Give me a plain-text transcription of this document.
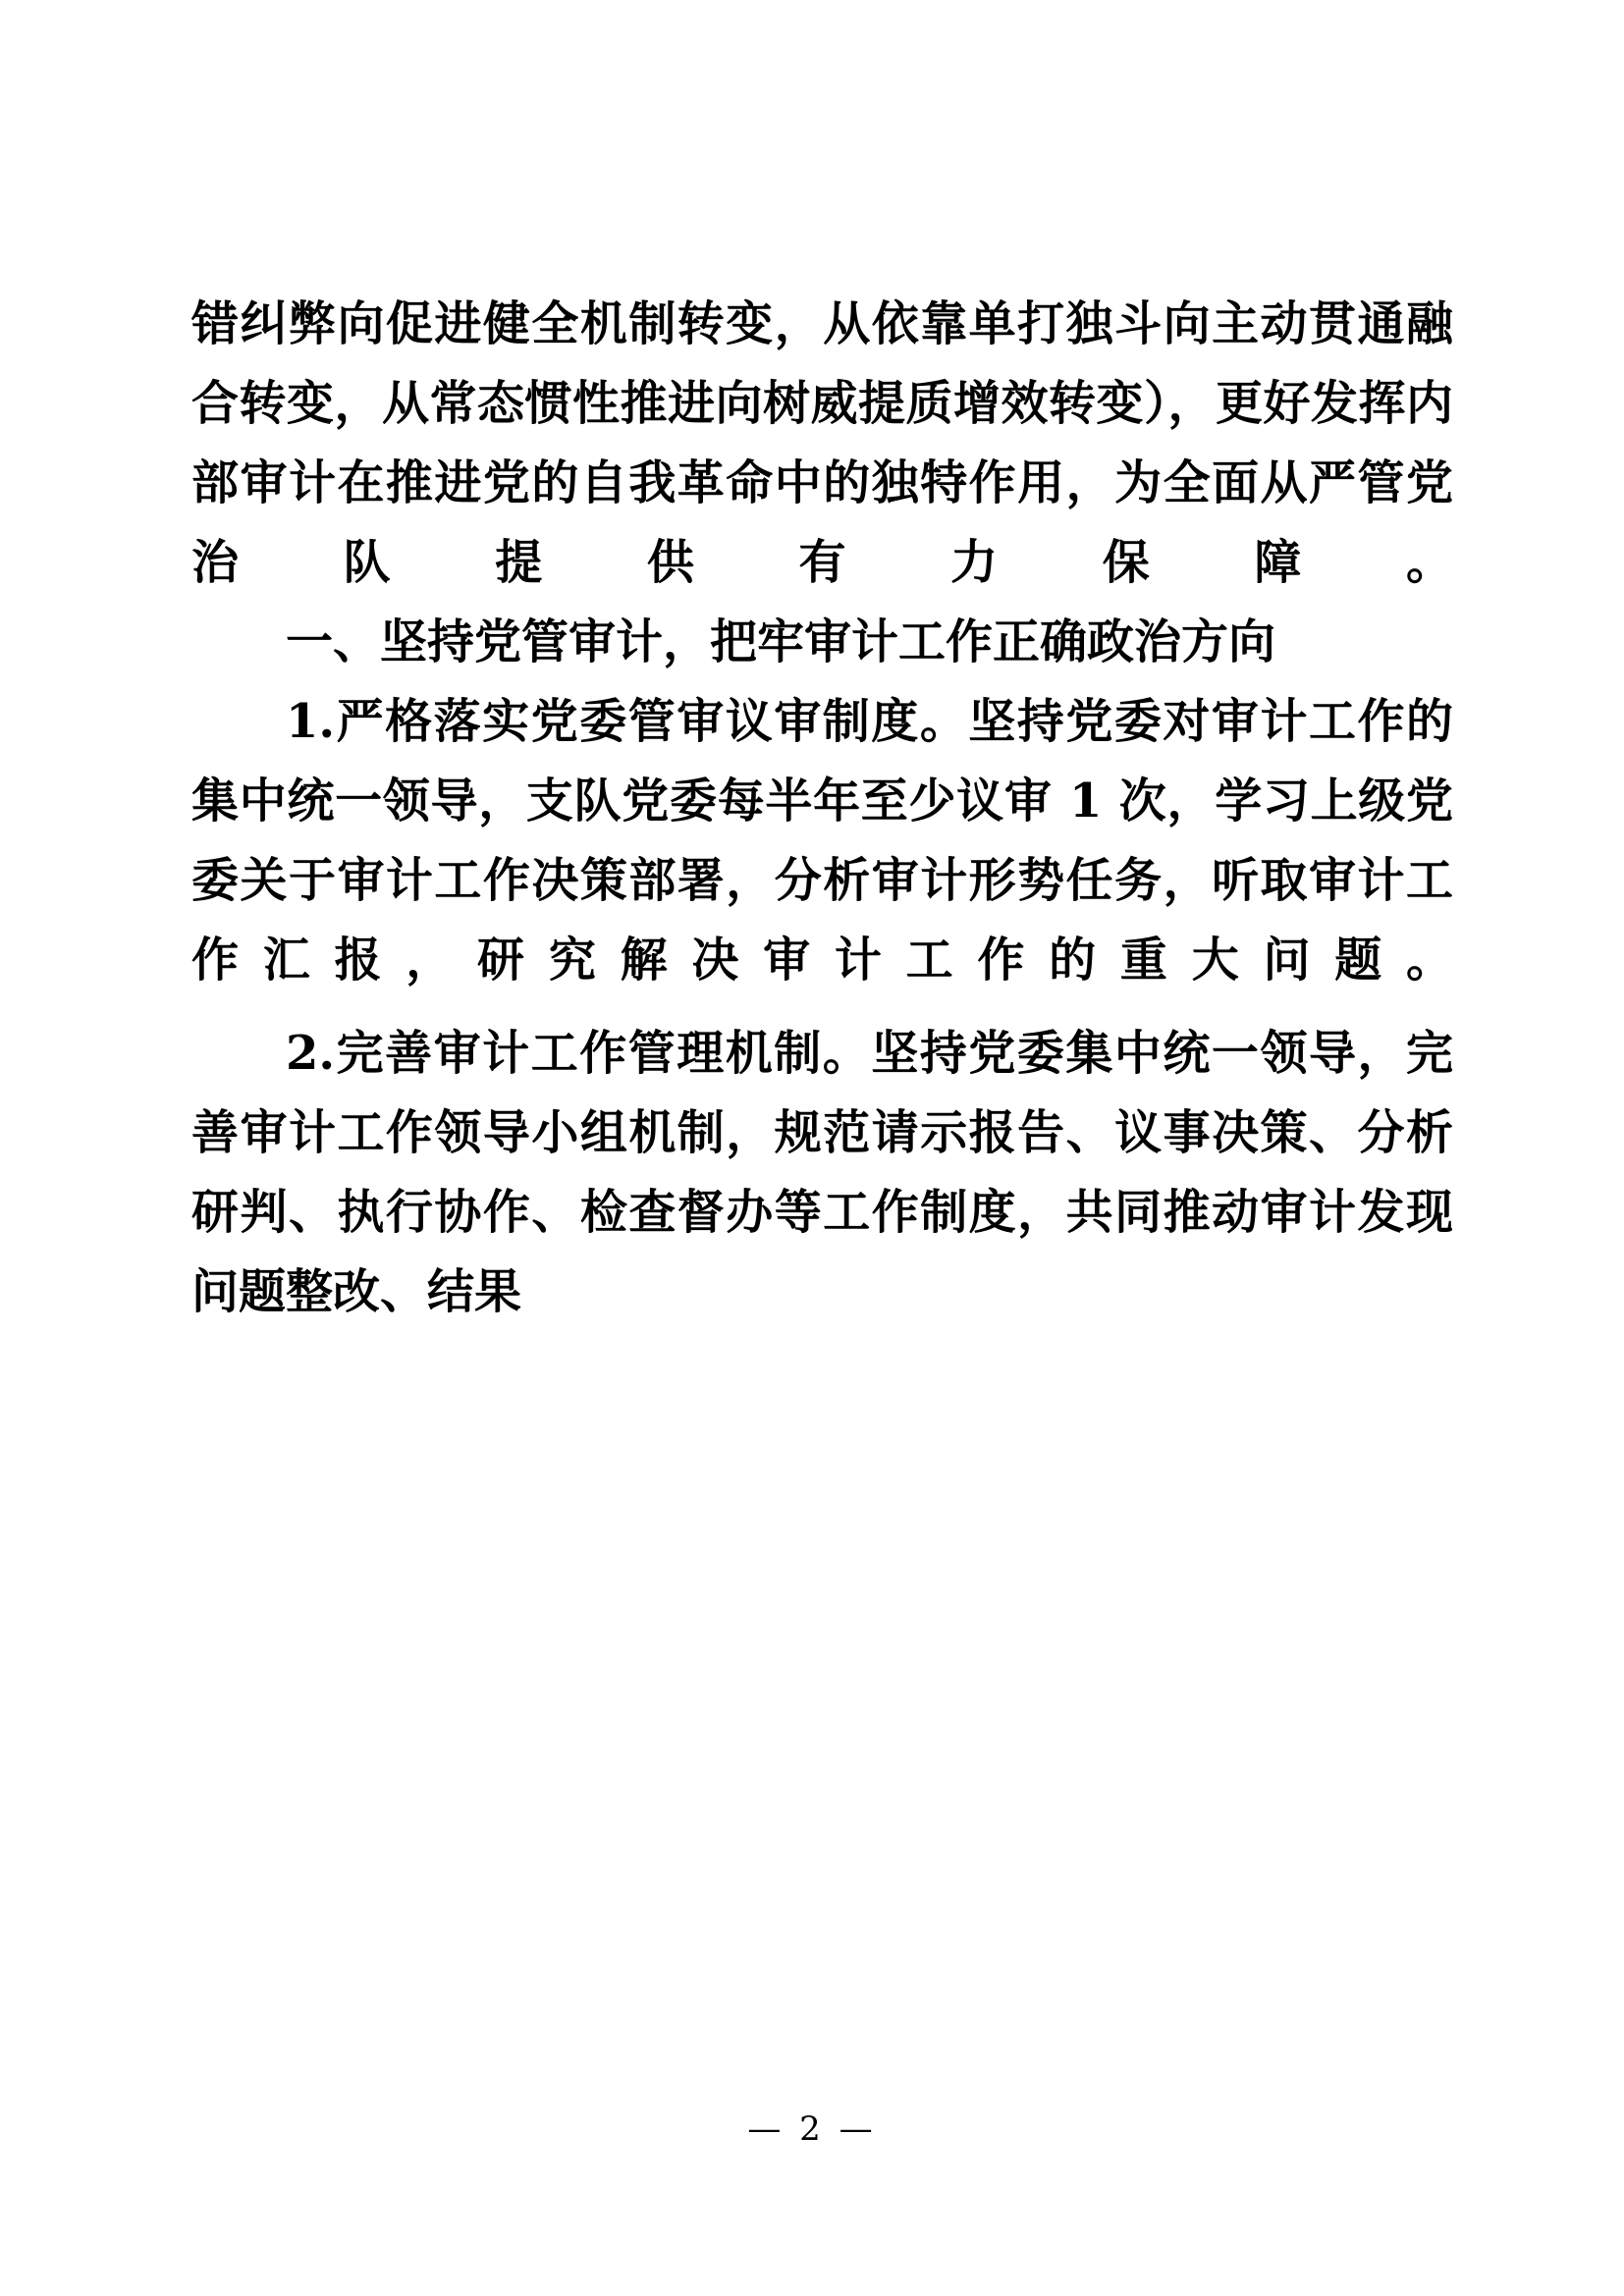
错纠弊向促进健全机制转变，从依靠单打独斗向主动贯通融合转变，从常态惯性推进向树威提质增效转变），更好发挥内部审计在推进党的自我革命中的独特作用，为全面从严管党治队提供有力保障。

一、坚持党管审计，把牢审计工作正确政治方向

1.严格落实党委管审议审制度。坚持党委对审计工作的集中统一领导，支队党委每半年至少议审 1 次，学习上级党委关于审计工作决策部署，分析审计形势任务，听取审计工作汇报，研究解决审计工作的重大问题。

2.完善审计工作管理机制。坚持党委集中统一领导，完善审计工作领导小组机制，规范请示报告、议事决策、分析研判、执行协作、检查督办等工作制度，共同推动审计发现问题整改、结果

— 2 —
